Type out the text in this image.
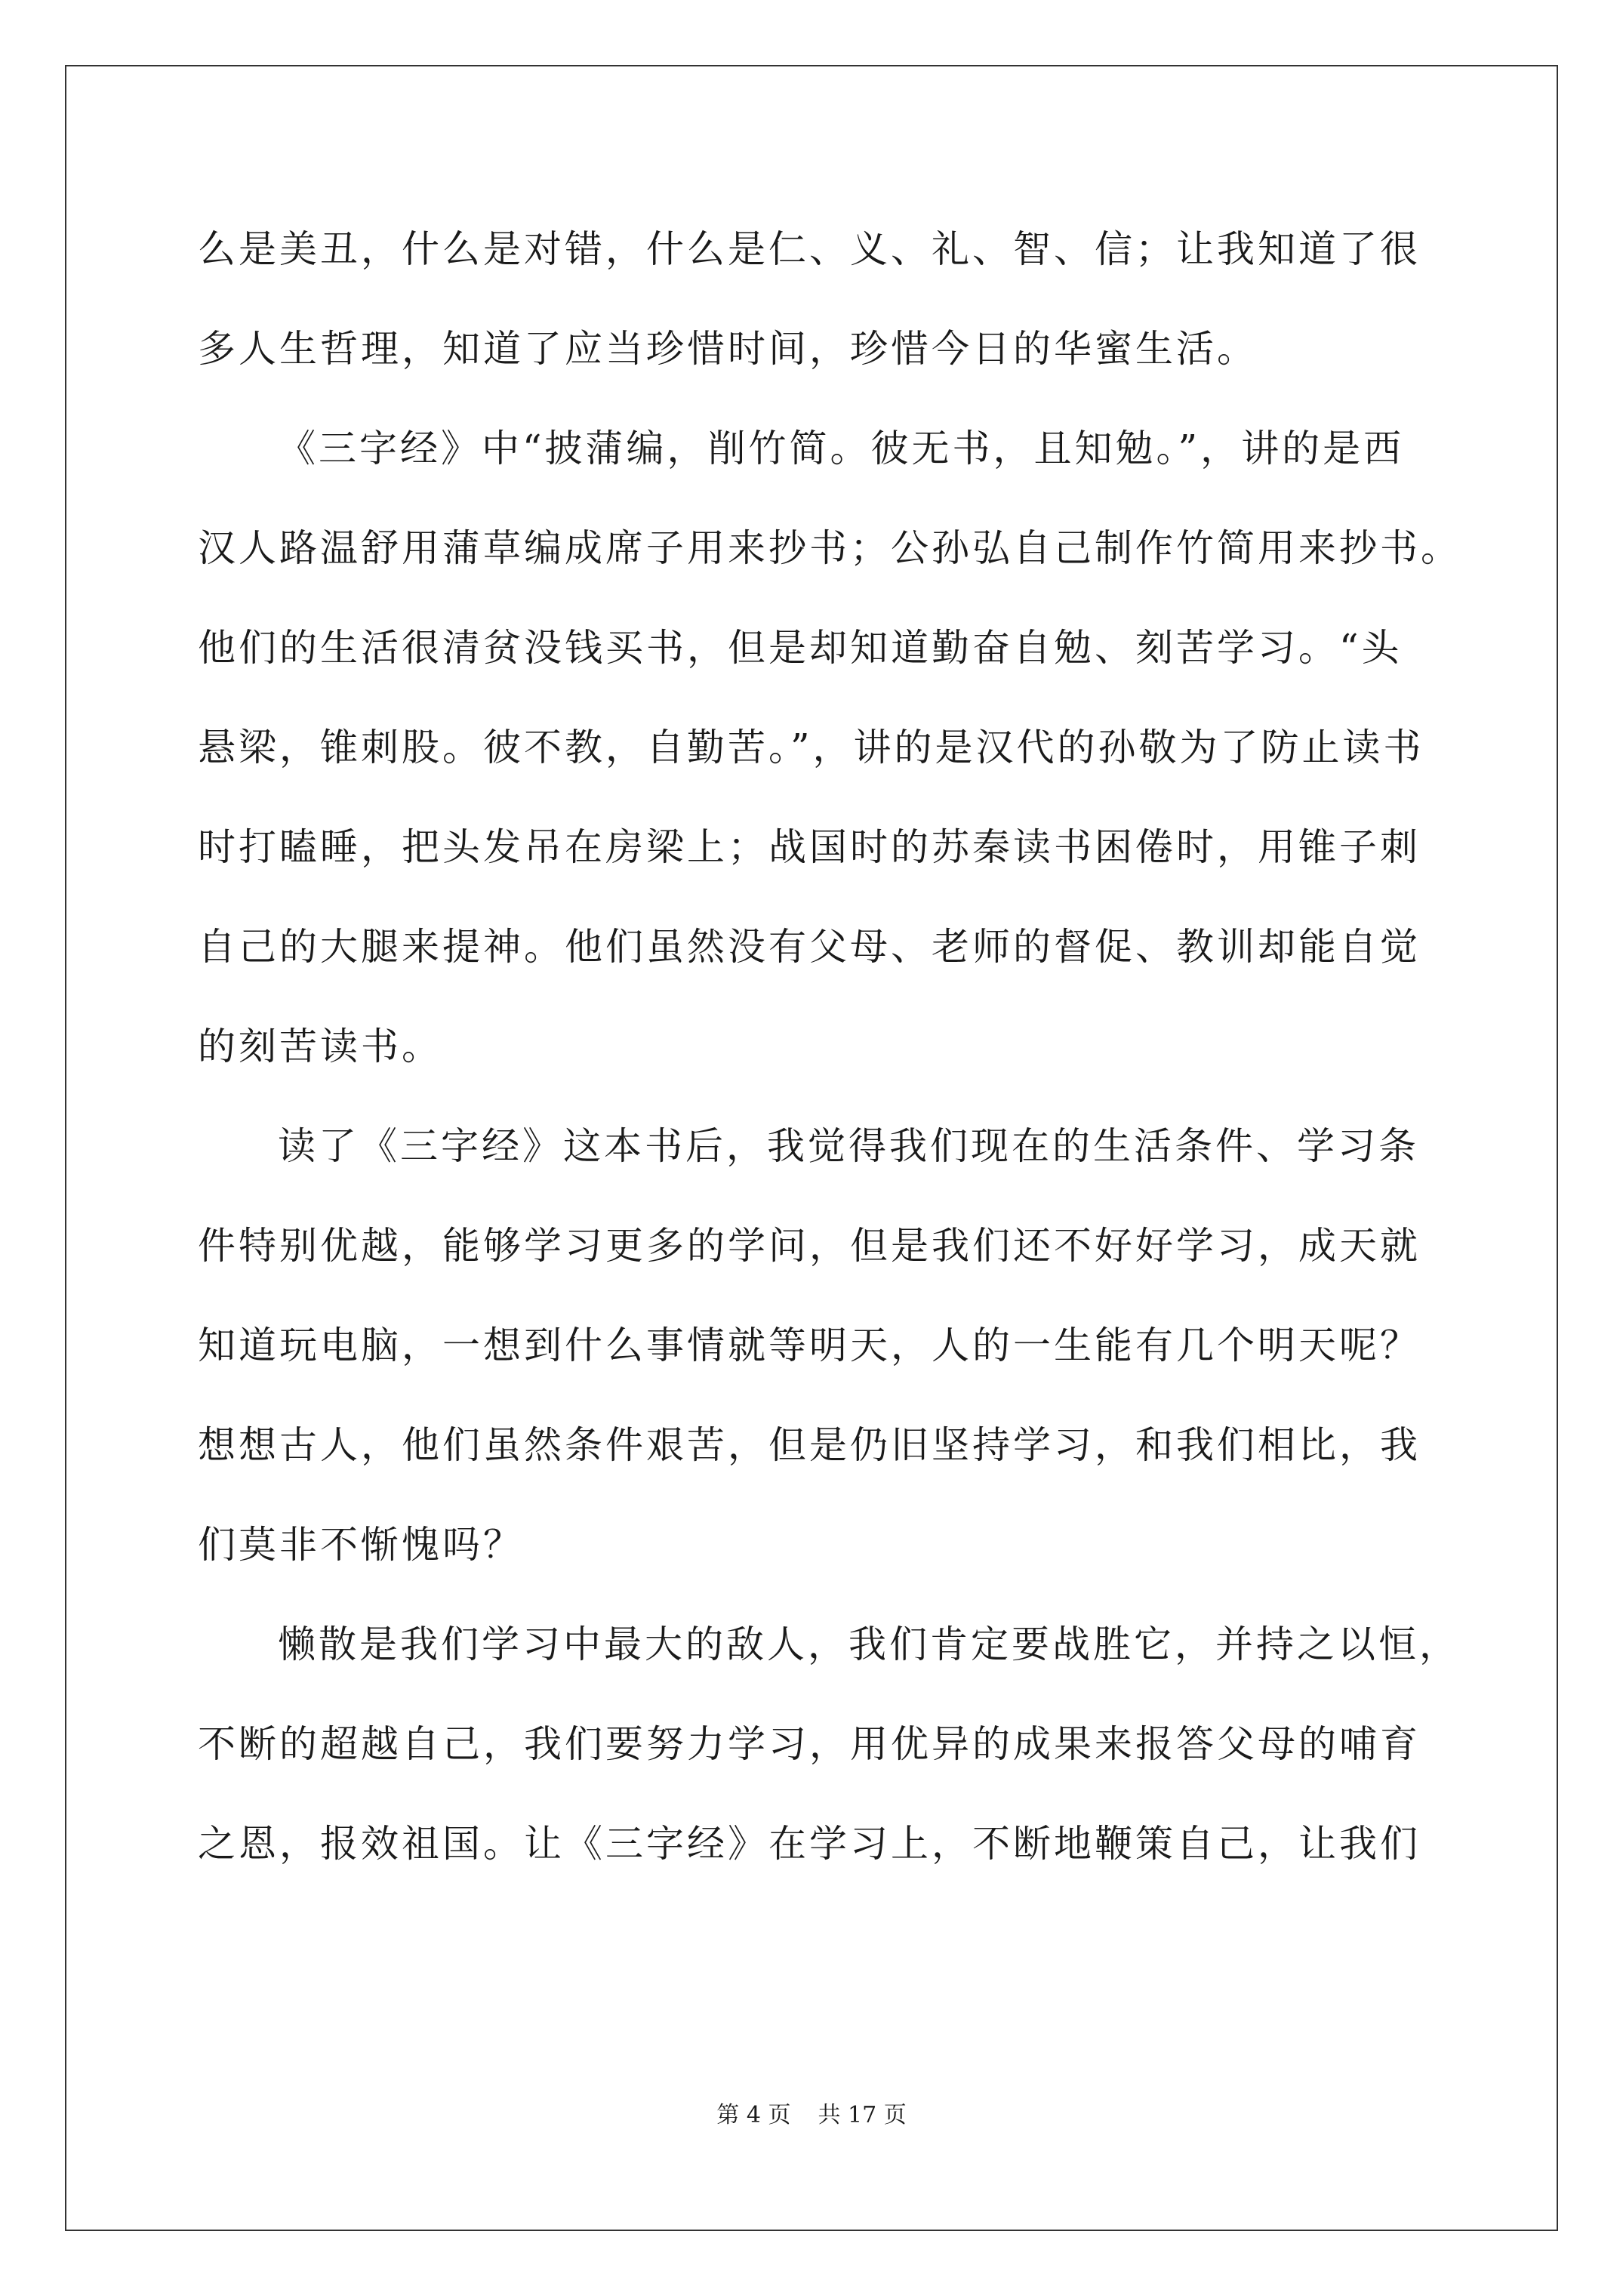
么是美丑，什么是对错，什么是仁、义、礼、智、信；让我知道了很
多人生哲理，知道了应当珍惜时间，珍惜今日的华蜜生活。
《三字经》中“披蒲编，削竹简。彼无书，且知勉。”，讲的是西
汉人路温舒用蒲草编成席子用来抄书；公孙弘自己制作竹简用来抄书。
他们的生活很清贫没钱买书，但是却知道勤奋自勉、刻苦学习。“头
悬梁，锥刺股。彼不教，自勤苦。”，讲的是汉代的孙敬为了防止读书
时打瞌睡，把头发吊在房梁上；战国时的苏秦读书困倦时，用锥子刺
自己的大腿来提神。他们虽然没有父母、老师的督促、教训却能自觉
的刻苦读书。
读了《三字经》这本书后，我觉得我们现在的生活条件、学习条
件特别优越，能够学习更多的学问，但是我们还不好好学习，成天就
知道玩电脑，一想到什么事情就等明天，人的一生能有几个明天呢？
想想古人，他们虽然条件艰苦，但是仍旧坚持学习，和我们相比，我
们莫非不惭愧吗？
懒散是我们学习中最大的敌人，我们肯定要战胜它，并持之以恒，
不断的超越自己，我们要努力学习，用优异的成果来报答父母的哺育
之恩，报效祖国。让《三字经》在学习上，不断地鞭策自己，让我们
第 4 页 共 17 页
